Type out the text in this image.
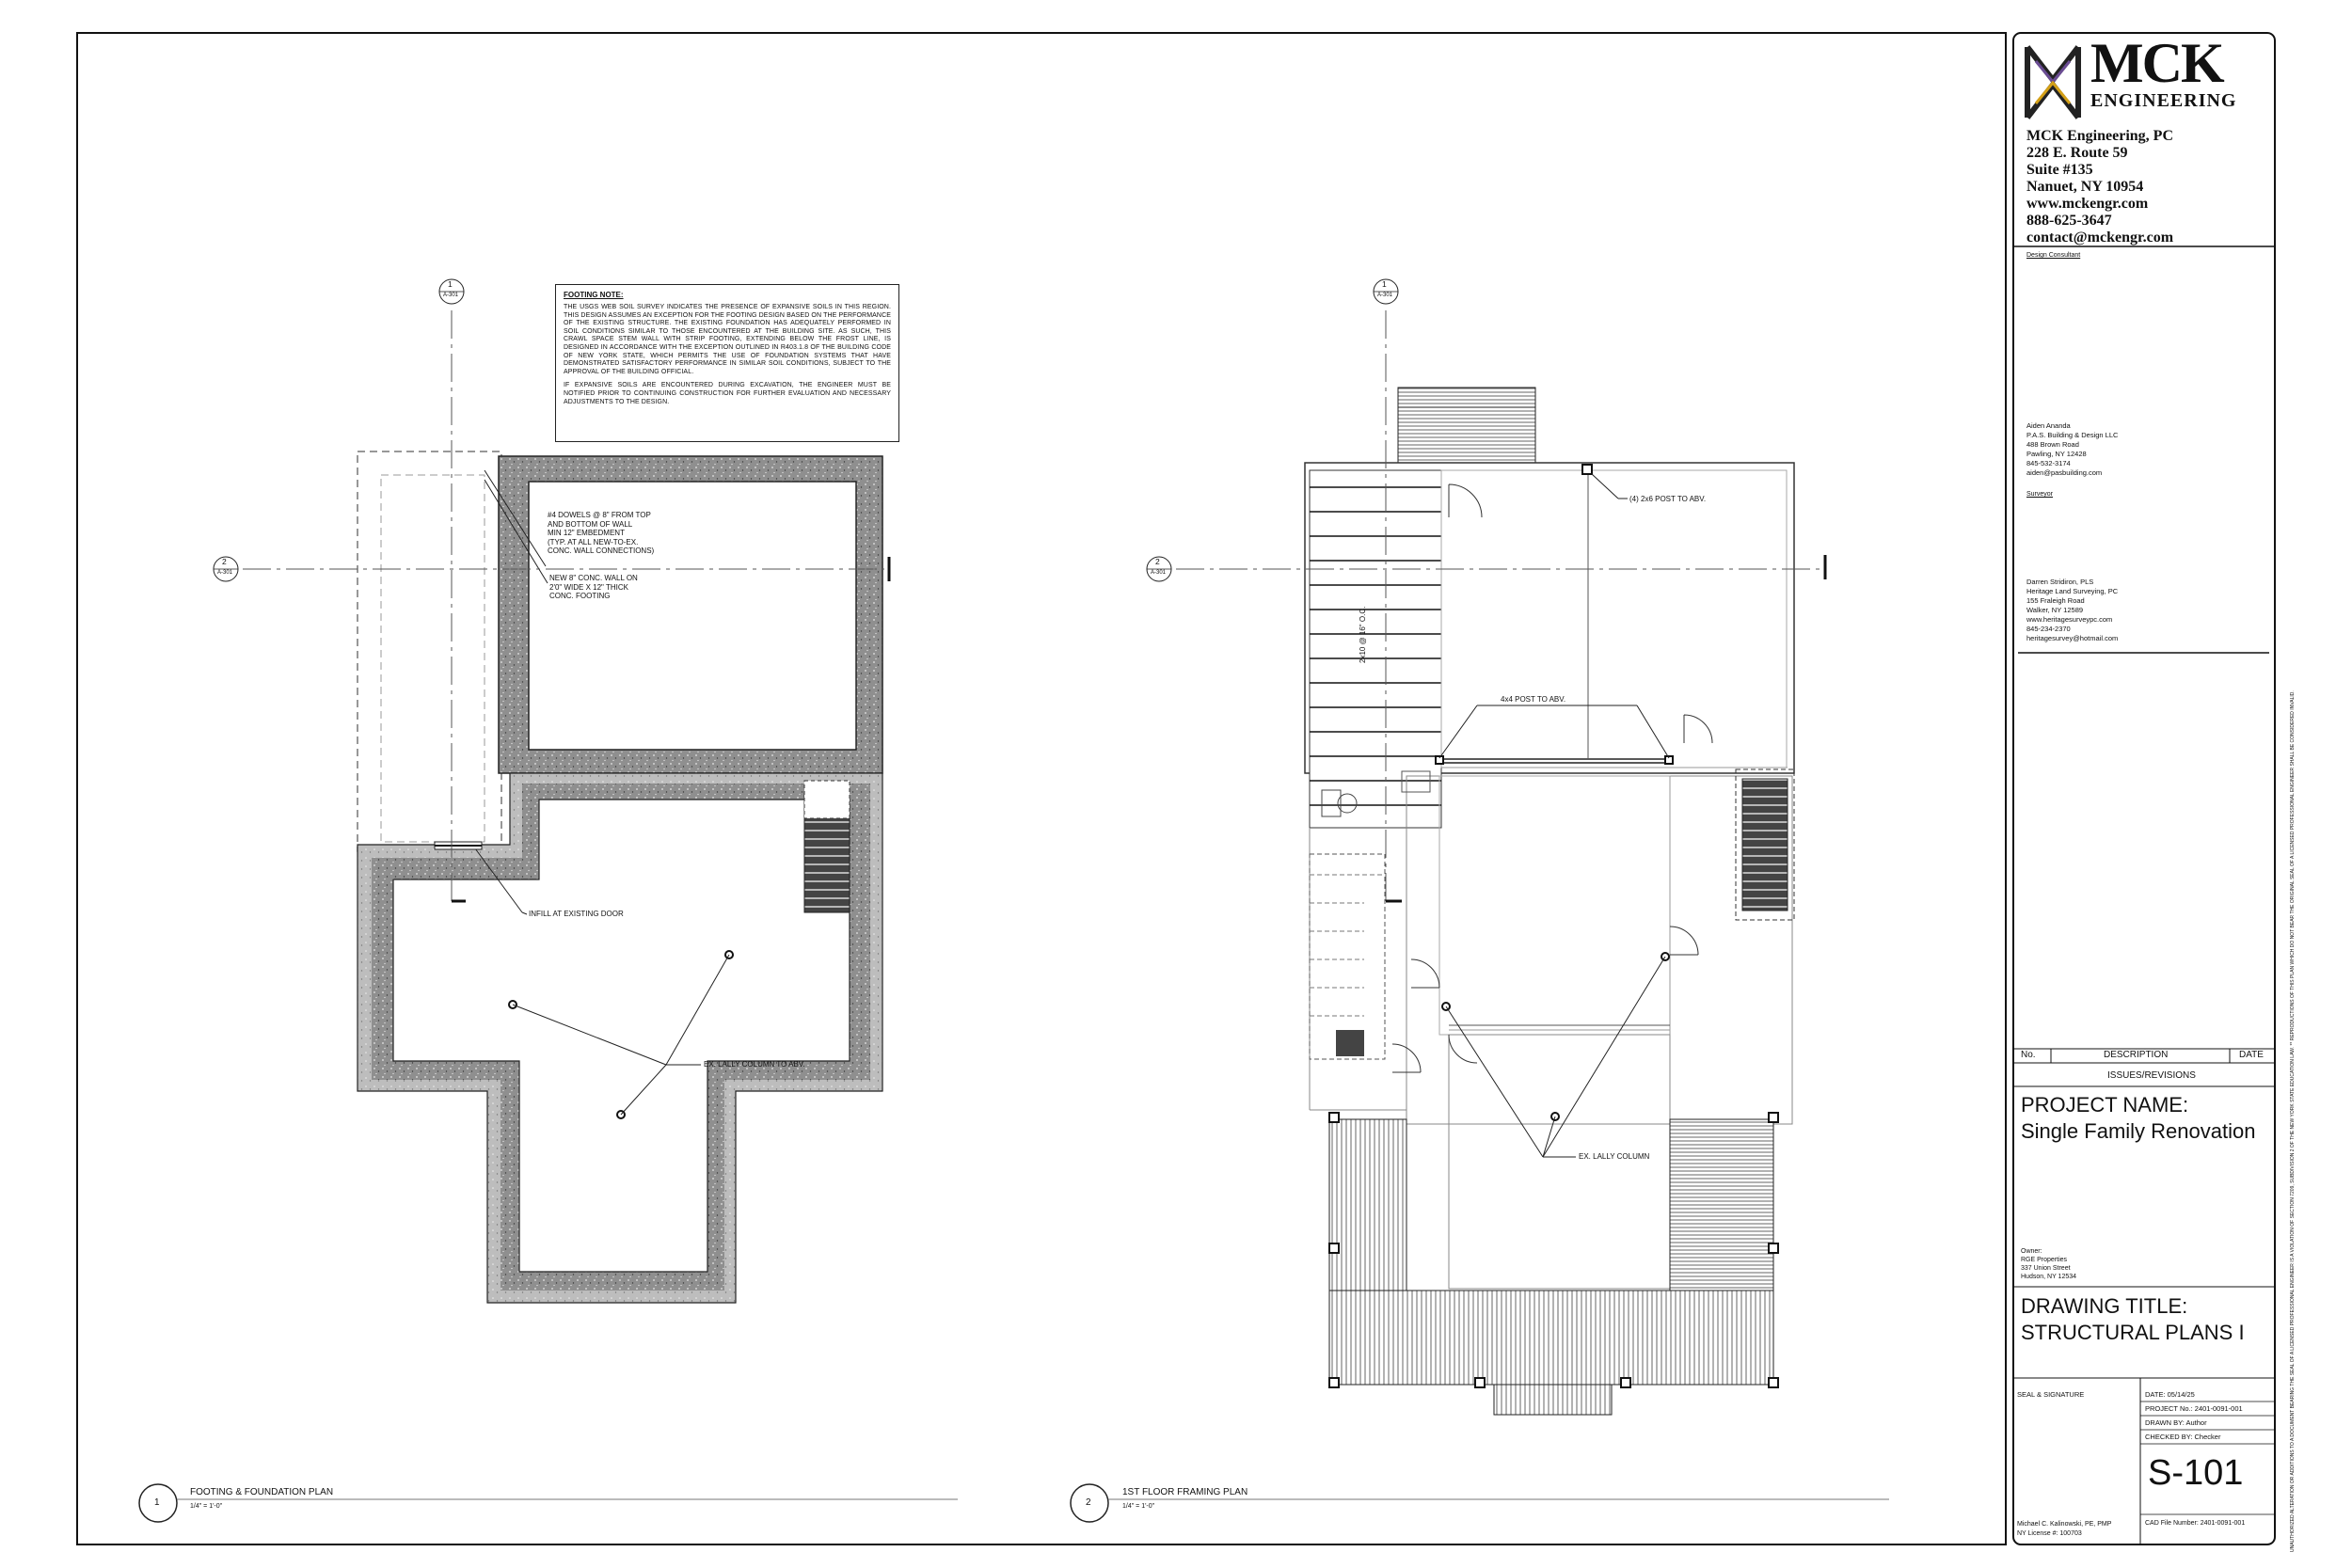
FOOTING NOTE:

THE USGS WEB SOIL SURVEY INDICATES THE PRESENCE OF EXPANSIVE SOILS IN THIS REGION. THIS DESIGN ASSUMES AN EXCEPTION FOR THE FOOTING DESIGN BASED ON THE PERFORMANCE OF THE EXISTING STRUCTURE. THE EXISTING FOUNDATION HAS ADEQUATELY PERFORMED IN SOIL CONDITIONS SIMILAR TO THOSE ENCOUNTERED AT THE BUILDING SITE. AS SUCH, THIS CRAWL SPACE STEM WALL WITH STRIP FOOTING, EXTENDING BELOW THE FROST LINE, IS DESIGNED IN ACCORDANCE WITH THE EXCEPTION OUTLINED IN R403.1.8 OF THE BUILDING CODE OF NEW YORK STATE, WHICH PERMITS THE USE OF FOUNDATION SYSTEMS THAT HAVE DEMONSTRATED SATISFACTORY PERFORMANCE IN SIMILAR SOIL CONDITIONS, SUBJECT TO THE APPROVAL OF THE BUILDING OFFICIAL.

IF EXPANSIVE SOILS ARE ENCOUNTERED DURING EXCAVATION, THE ENGINEER MUST BE NOTIFIED PRIOR TO CONTINUING CONSTRUCTION FOR FURTHER EVALUATION AND NECESSARY ADJUSTMENTS TO THE DESIGN.

#4 DOWELS @ 8" FROM TOP
AND BOTTOM OF WALL
MIN 12" EMBEDMENT
(TYP. AT ALL NEW-TO-EX.
CONC. WALL CONNECTIONS)
NEW 8" CONC. WALL ON
2'0" WIDE X 12" THICK
CONC. FOOTING
INFILL AT EXISTING DOOR
EX. LALLY COLUMN TO ABV.
1
A-301
2
A-301
1
FOOTING & FOUNDATION PLAN
1/4" = 1'-0"
(4) 2x6 POST TO ABV.
4x4 POST TO ABV.
2x10 @ 16" O.C.
EX. LALLY COLUMN
1
A-301
2
A-301
2
1ST FLOOR FRAMING PLAN
1/4" = 1'-0"
MCK
ENGINEERING
MCK Engineering, PC
228 E. Route 59
Suite #135
Nanuet, NY 10954
www.mckengr.com
888-625-3647
contact@mckengr.com
Design Consultant
Aiden Ananda
P.A.S. Building & Design LLC
488 Brown Road
Pawling, NY 12428
845-532-3174
aiden@pasbuilding.com
Surveyor
Darren Stridiron, PLS
Heritage Land Surveying, PC
155 Fraleigh Road
Walker, NY 12589
www.heritagesurveypc.com
845-234-2370
heritagesurvey@hotmail.com
No.	DESCRIPTION	DATE
ISSUES/REVISIONS
PROJECT NAME:
Single Family Renovation
Owner:
RGE Properties
337 Union Street
Hudson, NY 12534
DRAWING TITLE:
STRUCTURAL PLANS I
SEAL & SIGNATURE	DATE: 05/14/25
PROJECT No.: 2401-0091-001
DRAWN BY: Author
CHECKED BY: Checker
S-101
Michael C. Kalinowski, PE, PMP
NY License #: 100703
CAD File Number: 2401-0091-001	UNAUTHORIZED ALTERATION OR ADDITIONS TO A DOCUMENT BEARING THE SEAL OF A LICENSED PROFESSIONAL ENGINEER IS A VIOLATION OF SECTION 7209, SUBDIVISION 2 OF THE NEW YORK STATE EDUCATION LAW. ** REPRODUCTIONS OF THIS PLAN WHICH DO NOT BEAR THE ORIGINAL SEAL OF A LICENSED PROFESSIONAL ENGINEER SHALL BE CONSIDERED INVALID.
